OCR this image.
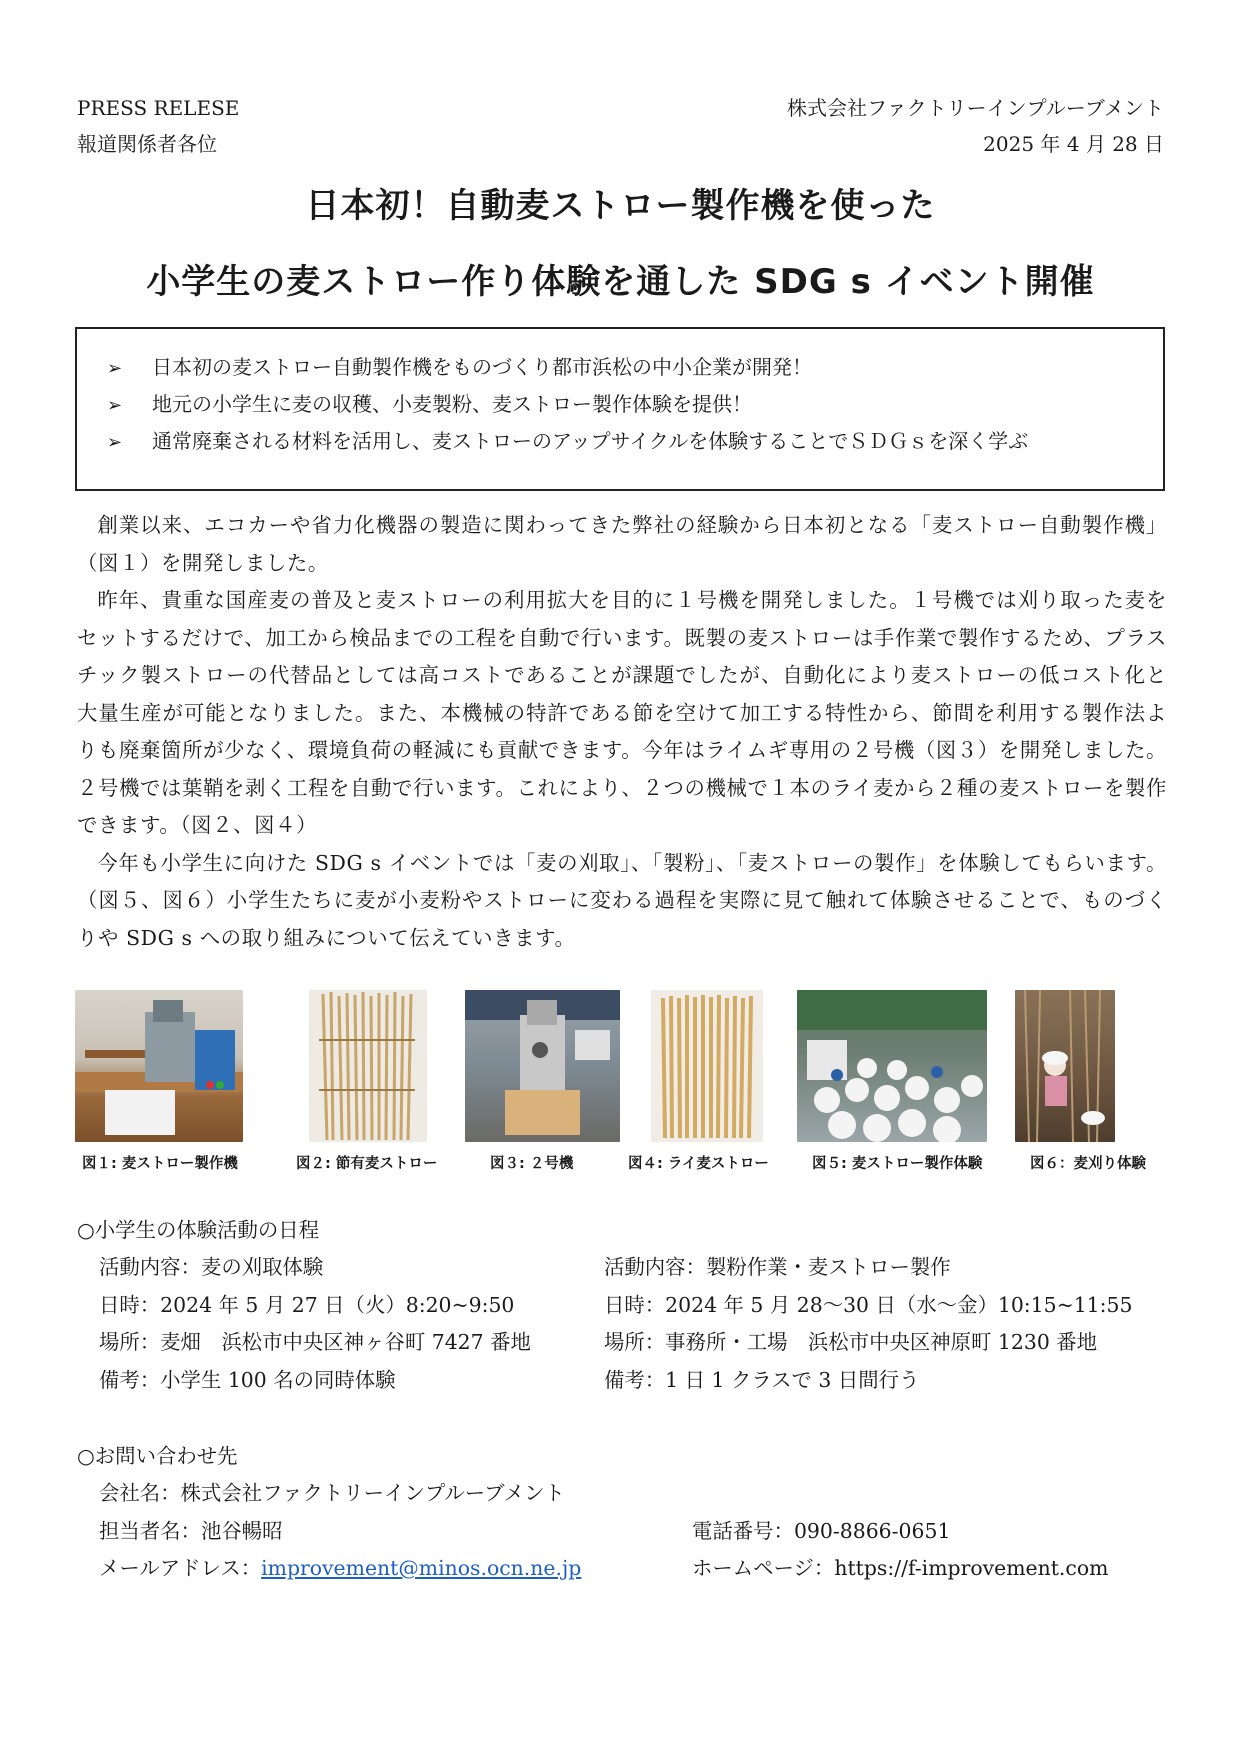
PRESS RELESE
報道関係者各位
株式会社ファクトリーインプルーブメント
2025 年 4 月 28 日
日本初！自動麦ストロー製作機を使った
小学生の麦ストロー作り体験を通した SDG s イベント開催
➢ 日本初の麦ストロー自動製作機をものづくり都市浜松の中小企業が開発！
➢ 地元の小学生に麦の収穫、小麦製粉、麦ストロー製作体験を提供！
➢ 通常廃棄される材料を活用し、麦ストローのアップサイクルを体験することでＳＤＧｓを深く学ぶ

創業以来、エコカーや省力化機器の製造に関わってきた弊社の経験から日本初となる「麦ストロー自動製作機」（図１）を開発しました。

昨年、貴重な国産麦の普及と麦ストローの利用拡大を目的に１号機を開発しました。１号機では刈り取った麦をセットするだけで、加工から検品までの工程を自動で行います。既製の麦ストローは手作業で製作するため、プラスチック製ストローの代替品としては高コストであることが課題でしたが、自動化により麦ストローの低コスト化と大量生産が可能となりました。また、本機械の特許である節を空けて加工する特性から、節間を利用する製作法よりも廃棄箇所が少なく、環境負荷の軽減にも貢献できます。今年はライムギ専用の２号機（図３）を開発しました。２号機では葉鞘を剥く工程を自動で行います。これにより、２つの機械で１本のライ麦から２種の麦ストローを製作できます。（図２、図４）

今年も小学生に向けた SDG s イベントでは「麦の刈取」、「製粉」、「麦ストローの製作」を体験してもらいます。（図５、図６）小学生たちに麦が小麦粉やストローに変わる過程を実際に見て触れて体験させることで、ものづくりや SDG s への取り組みについて伝えていきます。

図１: 麦ストロー製作機	図２: 節有麦ストロー	図３: ２号機	図４: ライ麦ストロー	図５: 麦ストロー製作体験	図６：麦刈り体験
○小学生の体験活動の日程
活動内容：麦の刈取体験
日時：2024 年 5 月 27 日（火）8:20~9:50
場所：麦畑　浜松市中央区神ヶ谷町 7427 番地
備考：小学生 100 名の同時体験
活動内容：製粉作業・麦ストロー製作
日時：2024 年 5 月 28～30 日（水～金）10:15~11:55
場所：事務所・工場　浜松市中央区神原町 1230 番地
備考：1 日 1 クラスで 3 日間行う
○お問い合わせ先
会社名：株式会社ファクトリーインプルーブメント
担当者名：池谷暢昭	電話番号：090-8866-0651
メールアドレス：improvement@minos.ocn.ne.jp	ホームページ：https://f-improvement.com
